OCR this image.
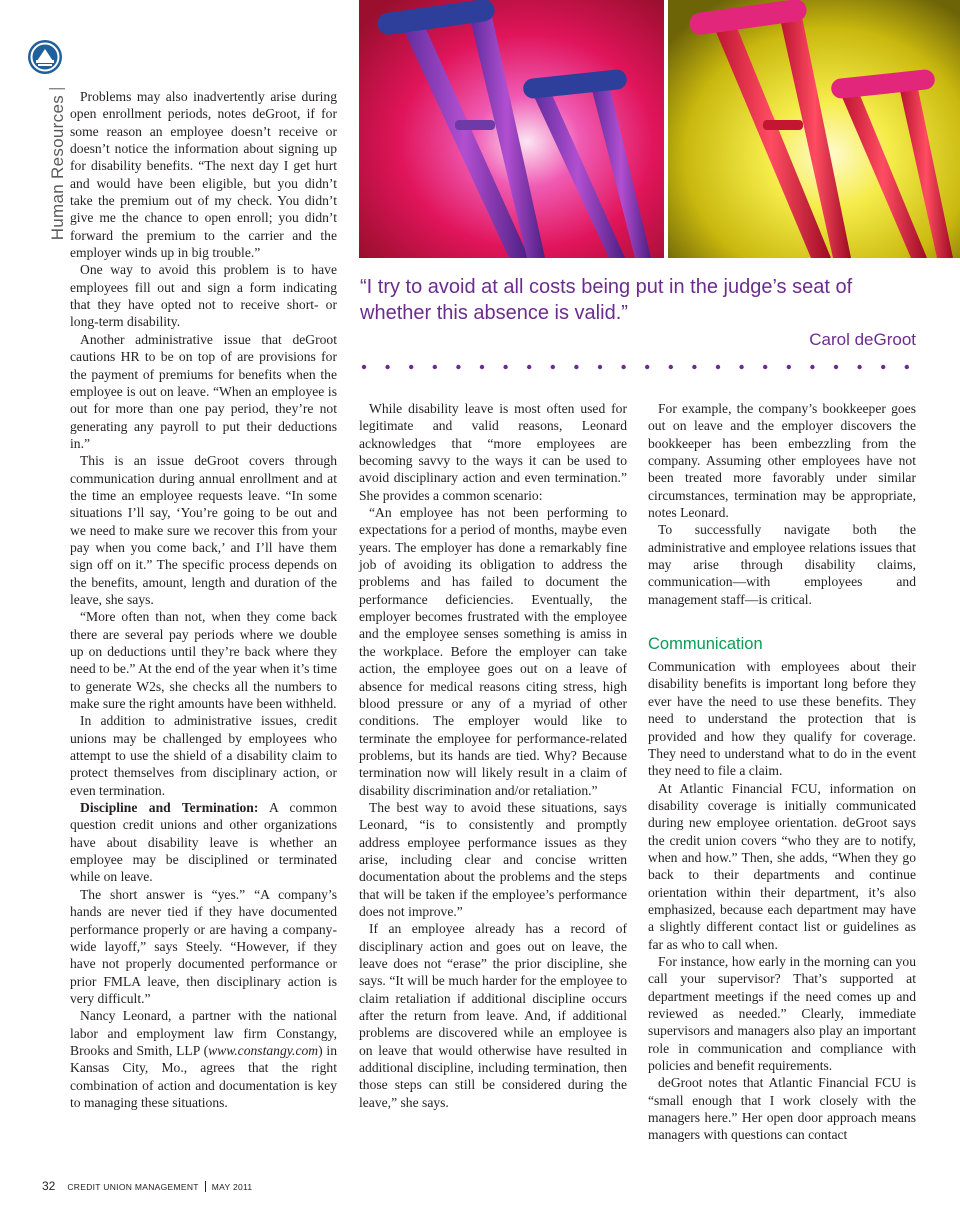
Human Resources Problems may also inadvertently arise during open enrollment periods, notes deGroot, if for some reason an employee doesn’t receive or doesn’t notice the information about signing up for disability benefits. “The next day I get hurt and would have been eligible, but you didn’t take the premium out of my check. You didn’t give me the chance to open enroll; you didn’t forward the premium to the carrier and the employer winds up in big trouble.”

One way to avoid this problem is to have employees fill out and sign a form indicating that they have opted not to receive short- or long-term disability.

Another administrative issue that deGroot cautions HR to be on top of are provisions for the payment of premiums for benefits when the employee is out on leave. “When an employee is out for more than one pay period, they’re not generating any payroll to put their deductions in.”

This is an issue deGroot covers through communication during annual enrollment and at the time an employee requests leave. “In some situations I’ll say, ‘You’re going to be out and we need to make sure we recover this from your pay when you come back,’ and I’ll have them sign off on it.” The specific process depends on the benefits, amount, length and duration of the leave, she says.

“More often than not, when they come back there are several pay periods where we double up on deductions until they’re back where they need to be.” At the end of the year when it’s time to generate W2s, she checks all the numbers to make sure the right amounts have been withheld.

In addition to administrative issues, credit unions may be challenged by employees who attempt to use the shield of a disability claim to protect themselves from disciplinary action, or even termination.

Discipline and Termination: A common question credit unions and other organizations have about disability leave is whether an employee may be disciplined or terminated while on leave.

The short answer is “yes.” “A company’s hands are never tied if they have documented performance properly or are having a company-wide layoff,” says Steely. “However, if they have not properly documented performance or prior FMLA leave, then disciplinary action is very difficult.”

Nancy Leonard, a partner with the national labor and employment law firm Constangy, Brooks and Smith, LLP (www.constangy.com) in Kansas City, Mo., agrees that the right combination of action and documentation is key to managing these situations.

“I try to avoid at all costs being put in the judge’s seat of whether this absence is valid.”
Carol deGroot

While disability leave is most often used for legitimate and valid reasons, Leonard acknowledges that “more employees are becoming savvy to the ways it can be used to avoid disciplinary action and even termination.” She provides a common scenario:

“An employee has not been performing to expectations for a period of months, maybe even years. The employer has done a remarkably fine job of avoiding its obligation to address the problems and has failed to document the performance deficiencies. Eventually, the employer becomes frustrated with the employee and the employee senses something is amiss in the workplace. Before the employer can take action, the employee goes out on a leave of absence for medical reasons citing stress, high blood pressure or any of a myriad of other conditions. The employer would like to terminate the employee for performance-related problems, but its hands are tied. Why? Because termination now will likely result in a claim of disability discrimination and/or retaliation.”

The best way to avoid these situations, says Leonard, “is to consistently and promptly address employee performance issues as they arise, including clear and concise written documentation about the problems and the steps that will be taken if the employee’s performance does not improve.”

If an employee already has a record of disciplinary action and goes out on leave, the leave does not “erase” the prior discipline, she says. “It will be much harder for the employee to claim retaliation if additional discipline occurs after the return from leave. And, if additional problems are discovered while an employee is on leave that would otherwise have resulted in additional discipline, including termination, then those steps can still be considered during the leave,” she says.

For example, the company’s bookkeeper goes out on leave and the employer discovers the bookkeeper has been embezzling from the company. Assuming other employees have not been treated more favorably under similar circumstances, termination may be appropriate, notes Leonard.

To successfully navigate both the administrative and employee relations issues that may arise through disability claims, communication—with employees and management staff—is critical.

Communication

Communication with employees about their disability benefits is important long before they ever have the need to use these benefits. They need to understand the protection that is provided and how they qualify for coverage. They need to understand what to do in the event they need to file a claim.

At Atlantic Financial FCU, information on disability coverage is initially communicated during new employee orientation. deGroot says the credit union covers “who they are to notify, when and how.” Then, she adds, “When they go back to their departments and continue orientation within their department, it’s also emphasized, because each department may have a slightly different contact list or guidelines as far as who to call when.

For instance, how early in the morning can you call your supervisor? That’s supported at department meetings if the need comes up and reviewed as needed.” Clearly, immediate supervisors and managers also play an important role in communication and compliance with policies and benefit requirements.

deGroot notes that Atlantic Financial FCU is “small enough that I work closely with the managers here.” Her open door approach means managers with questions can contact

32 CREDIT UNION MANAGEMENT MAY 2011
